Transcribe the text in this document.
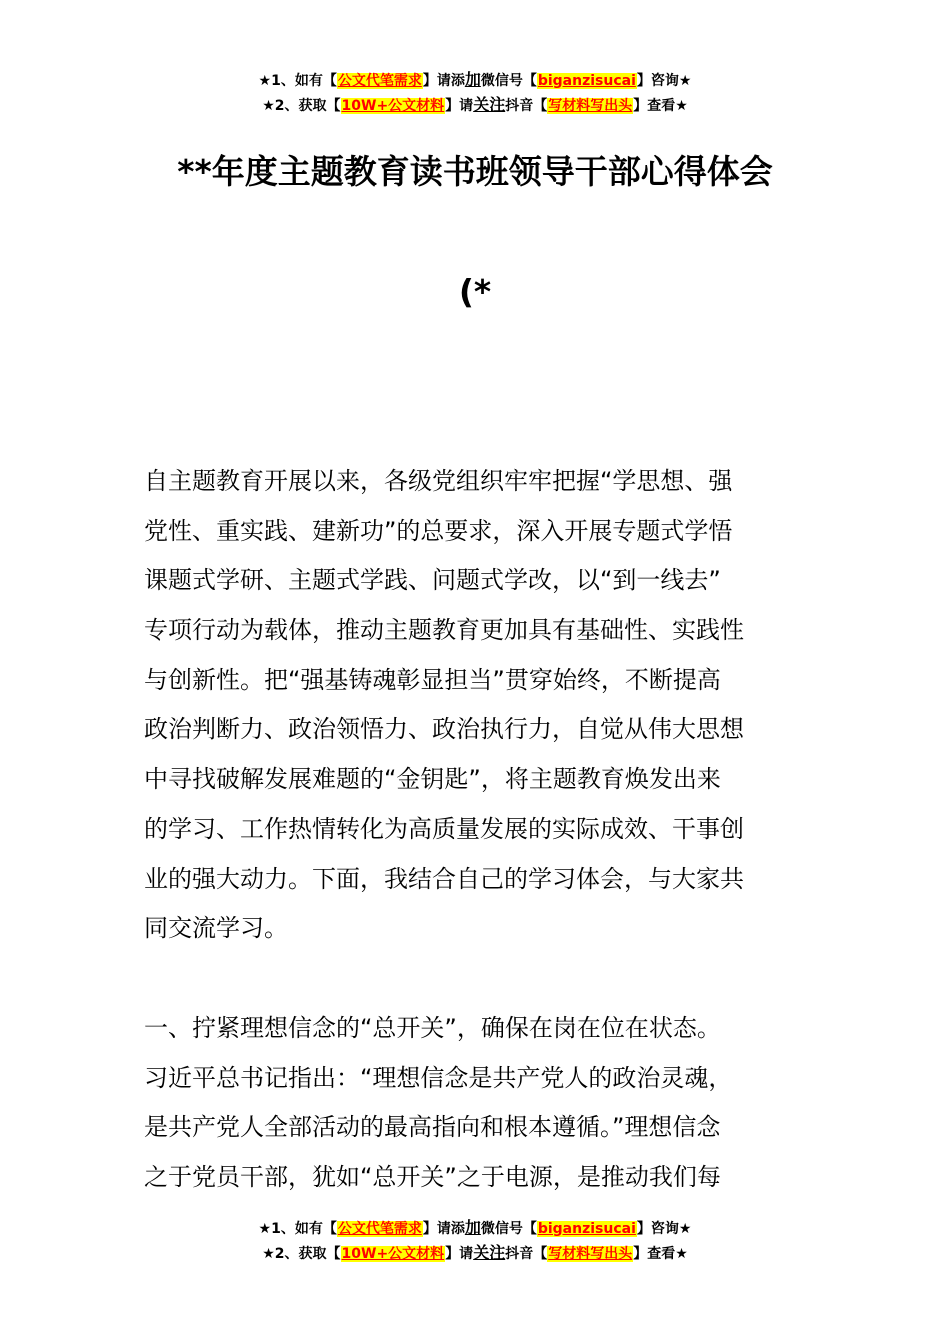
★1、如有【公文代笔需求】请添加微信号【biganzisucai】咨询★
★2、获取【10W+公文材料】请关注抖音【写材料写出头】查看★
**年度主题教育读书班领导干部心得体会
(*
自主题教育开展以来，各级党组织牢牢把握“学思想、强
党性、重实践、建新功”的总要求，深入开展专题式学悟
课题式学研、主题式学践、问题式学改，以“到一线去”
专项行动为载体，推动主题教育更加具有基础性、实践性
与创新性。把“强基铸魂彰显担当”贯穿始终，不断提高
政治判断力、政治领悟力、政治执行力，自觉从伟大思想
中寻找破解发展难题的“金钥匙”，将主题教育焕发出来
的学习、工作热情转化为高质量发展的实际成效、干事创
业的强大动力。下面，我结合自己的学习体会，与大家共
同交流学习。
一、拧紧理想信念的“总开关”，确保在岗在位在状态。
习近平总书记指出：“理想信念是共产党人的政治灵魂，
是共产党人全部活动的最高指向和根本遵循。”理想信念
之于党员干部，犹如“总开关”之于电源，是推动我们每
★1、如有【公文代笔需求】请添加微信号【biganzisucai】咨询★
★2、获取【10W+公文材料】请关注抖音【写材料写出头】查看★
